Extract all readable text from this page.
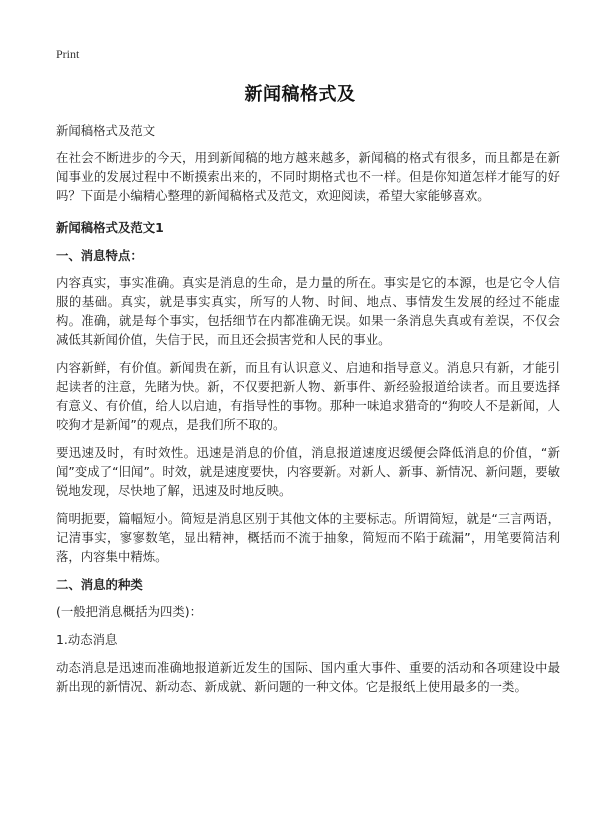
Print
新闻稿格式及

新闻稿格式及范文

在社会不断进步的今天，用到新闻稿的地方越来越多，新闻稿的格式有很多，而且都是在新闻事业的发展过程中不断摸索出来的，不同时期格式也不一样。但是你知道怎样才能写的好吗？下面是小编精心整理的新闻稿格式及范文，欢迎阅读，希望大家能够喜欢。

新闻稿格式及范文1

一、消息特点：

内容真实，事实准确。真实是消息的生命，是力量的所在。事实是它的本源，也是它令人信服的基础。真实，就是事实真实，所写的人物、时间、地点、事情发生发展的经过不能虚构。准确，就是每个事实，包括细节在内都准确无误。如果一条消息失真或有差误，不仅会减低其新闻价值，失信于民，而且还会损害党和人民的事业。

内容新鲜，有价值。新闻贵在新，而且有认识意义、启迪和指导意义。消息只有新，才能引起读者的注意，先睹为快。新，不仅要把新人物、新事件、新经验报道给读者。而且要选择有意义、有价值，给人以启迪，有指导性的事物。那种一味追求猎奇的“狗咬人不是新闻，人咬狗才是新闻”的观点，是我们所不取的。

要迅速及时，有时效性。迅速是消息的价值，消息报道速度迟缓便会降低消息的价值，“新闻”变成了“旧闻”。时效，就是速度要快，内容要新。对新人、新事、新情况、新问题，要敏锐地发现，尽快地了解，迅速及时地反映。

简明扼要，篇幅短小。简短是消息区别于其他文体的主要标志。所谓简短，就是“三言两语，记清事实，寥寥数笔，显出精神，概括而不流于抽象，简短而不陷于疏漏”，用笔要简洁利落，内容集中精炼。

二、消息的种类

(一般把消息概括为四类)：

1.动态消息

动态消息是迅速而准确地报道新近发生的国际、国内重大事件、重要的活动和各项建设中最新出现的新情况、新动态、新成就、新问题的一种文体。它是报纸上使用最多的一类。
